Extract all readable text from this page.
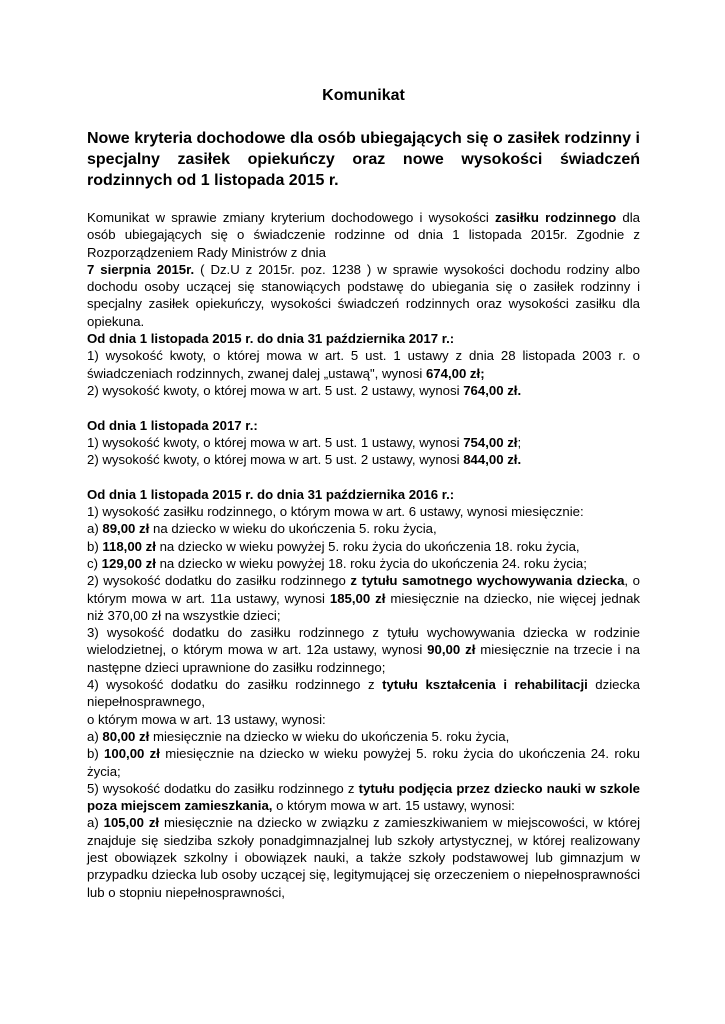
Komunikat
Nowe kryteria dochodowe dla osób ubiegających się o zasiłek rodzinny i specjalny zasiłek opiekuńczy oraz nowe wysokości świadczeń rodzinnych od 1 listopada 2015 r.

Komunikat w sprawie zmiany kryterium dochodowego i wysokości zasiłku rodzinnego dla osób ubiegających się o świadczenie rodzinne od dnia 1 listopada 2015r. Zgodnie z Rozporządzeniem Rady Ministrów z dnia
7 sierpnia 2015r. ( Dz.U z 2015r. poz. 1238 ) w sprawie wysokości dochodu rodziny albo dochodu osoby uczącej się stanowiących podstawę do ubiegania się o zasiłek rodzinny i specjalny zasiłek opiekuńczy, wysokości świadczeń rodzinnych oraz wysokości zasiłku dla opiekuna.

Od dnia 1 listopada 2015 r. do dnia 31 października 2017 r.:

1) wysokość kwoty, o której mowa w art. 5 ust. 1 ustawy z dnia 28 listopada 2003 r. o świadczeniach rodzinnych, zwanej dalej „ustawą", wynosi 674,00 zł;

2) wysokość kwoty, o której mowa w art. 5 ust. 2 ustawy, wynosi 764,00 zł.

Od dnia 1 listopada 2017 r.:

1) wysokość kwoty, o której mowa w art. 5 ust. 1 ustawy, wynosi 754,00 zł;

2) wysokość kwoty, o której mowa w art. 5 ust. 2 ustawy, wynosi 844,00 zł.

Od dnia 1 listopada 2015 r. do dnia 31 października 2016 r.:

1) wysokość zasiłku rodzinnego, o którym mowa w art. 6 ustawy, wynosi miesięcznie:

a) 89,00 zł na dziecko w wieku do ukończenia 5. roku życia,

b) 118,00 zł na dziecko w wieku powyżej 5. roku życia do ukończenia 18. roku życia,

c) 129,00 zł na dziecko w wieku powyżej 18. roku życia do ukończenia 24. roku życia;

2) wysokość dodatku do zasiłku rodzinnego z tytułu samotnego wychowywania dziecka, o którym mowa w art. 11a ustawy, wynosi 185,00 zł miesięcznie na dziecko, nie więcej jednak niż 370,00 zł na wszystkie dzieci;

3) wysokość dodatku do zasiłku rodzinnego z tytułu wychowywania dziecka w rodzinie wielodzietnej, o którym mowa w art. 12a ustawy, wynosi 90,00 zł miesięcznie na trzecie i na następne dzieci uprawnione do zasiłku rodzinnego;

4) wysokość dodatku do zasiłku rodzinnego z tytułu kształcenia i rehabilitacji dziecka niepełnosprawnego,

o którym mowa w art. 13 ustawy, wynosi:

a) 80,00 zł miesięcznie na dziecko w wieku do ukończenia 5. roku życia,

b) 100,00 zł miesięcznie na dziecko w wieku powyżej 5. roku życia do ukończenia 24. roku życia;

5) wysokość dodatku do zasiłku rodzinnego z tytułu podjęcia przez dziecko nauki w szkole poza miejscem zamieszkania, o którym mowa w art. 15 ustawy, wynosi:

a) 105,00 zł miesięcznie na dziecko w związku z zamieszkiwaniem w miejscowości, w której znajduje się siedziba szkoły ponadgimnazjalnej lub szkoły artystycznej, w której realizowany jest obowiązek szkolny i obowiązek nauki, a także szkoły podstawowej lub gimnazjum w przypadku dziecka lub osoby uczącej się, legitymującej się orzeczeniem o niepełnosprawności lub o stopniu niepełnosprawności,
